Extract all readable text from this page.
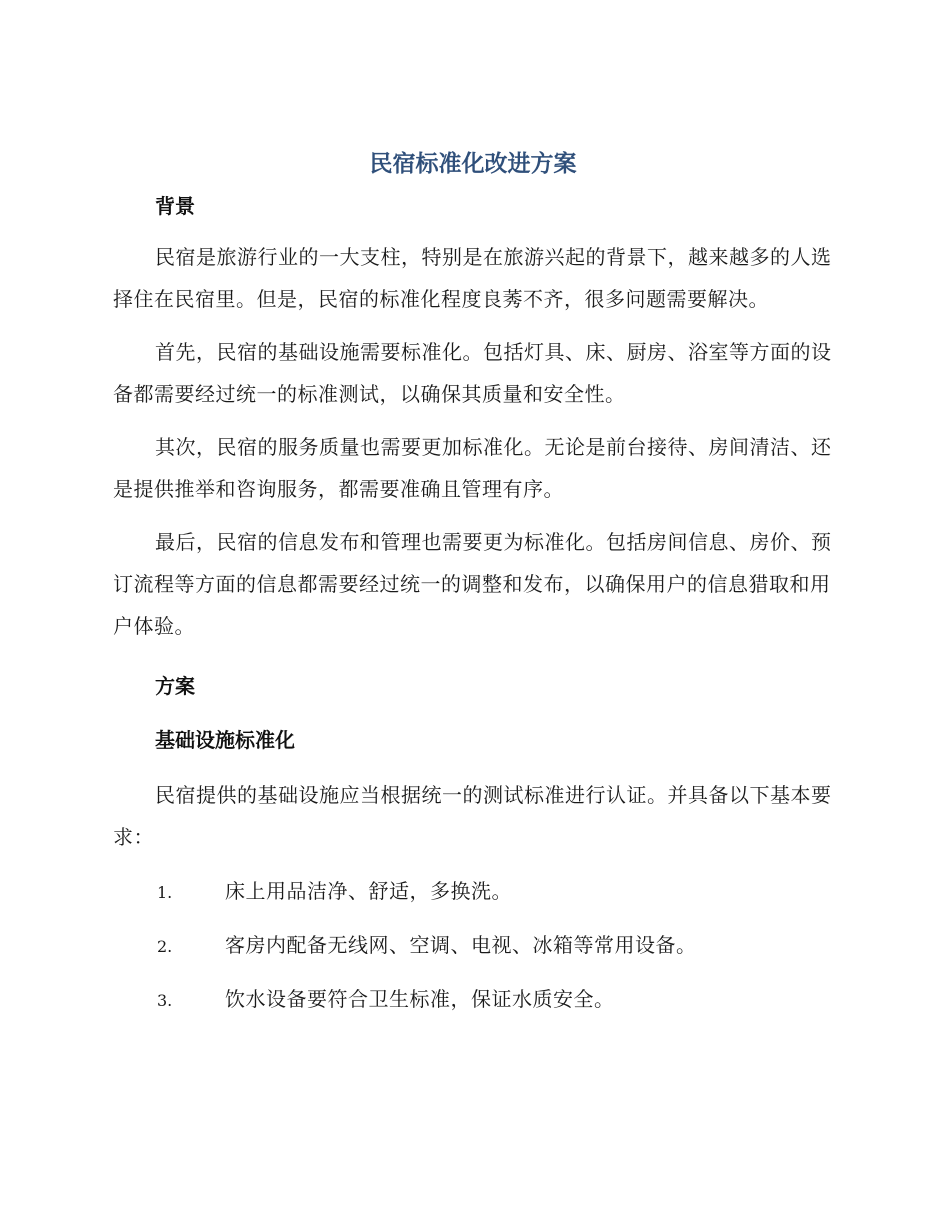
民宿标准化改进方案
背景

民宿是旅游行业的一大支柱，特别是在旅游兴起的背景下，越来越多的人选择住在民宿里。但是，民宿的标准化程度良莠不齐，很多问题需要解决。

首先，民宿的基础设施需要标准化。包括灯具、床、厨房、浴室等方面的设备都需要经过统一的标准测试，以确保其质量和安全性。

其次，民宿的服务质量也需要更加标准化。无论是前台接待、房间清洁、还是提供推举和咨询服务，都需要准确且管理有序。

最后，民宿的信息发布和管理也需要更为标准化。包括房间信息、房价、预订流程等方面的信息都需要经过统一的调整和发布，以确保用户的信息猎取和用户体验。

方案
基础设施标准化

民宿提供的基础设施应当根据统一的测试标准进行认证。并具备以下基本要求：

1.	床上用品洁净、舒适，多换洗。
2.	客房内配备无线网、空调、电视、冰箱等常用设备。
3.	饮水设备要符合卫生标准，保证水质安全。
